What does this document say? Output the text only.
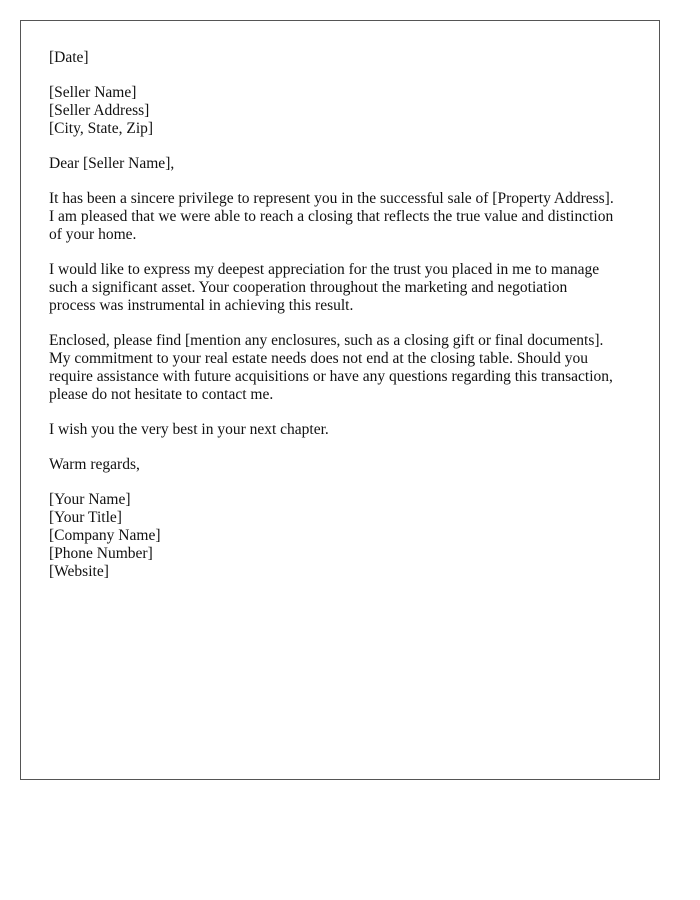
[Date]
[Seller Name]
[Seller Address]
[City, State, Zip]
Dear [Seller Name],
It has been a sincere privilege to represent you in the successful sale of [Property Address].
I am pleased that we were able to reach a closing that reflects the true value and distinction
of your home.
I would like to express my deepest appreciation for the trust you placed in me to manage
such a significant asset. Your cooperation throughout the marketing and negotiation
process was instrumental in achieving this result.
Enclosed, please find [mention any enclosures, such as a closing gift or final documents].
My commitment to your real estate needs does not end at the closing table. Should you
require assistance with future acquisitions or have any questions regarding this transaction,
please do not hesitate to contact me.
I wish you the very best in your next chapter.
Warm regards,
[Your Name]
[Your Title]
[Company Name]
[Phone Number]
[Website]
